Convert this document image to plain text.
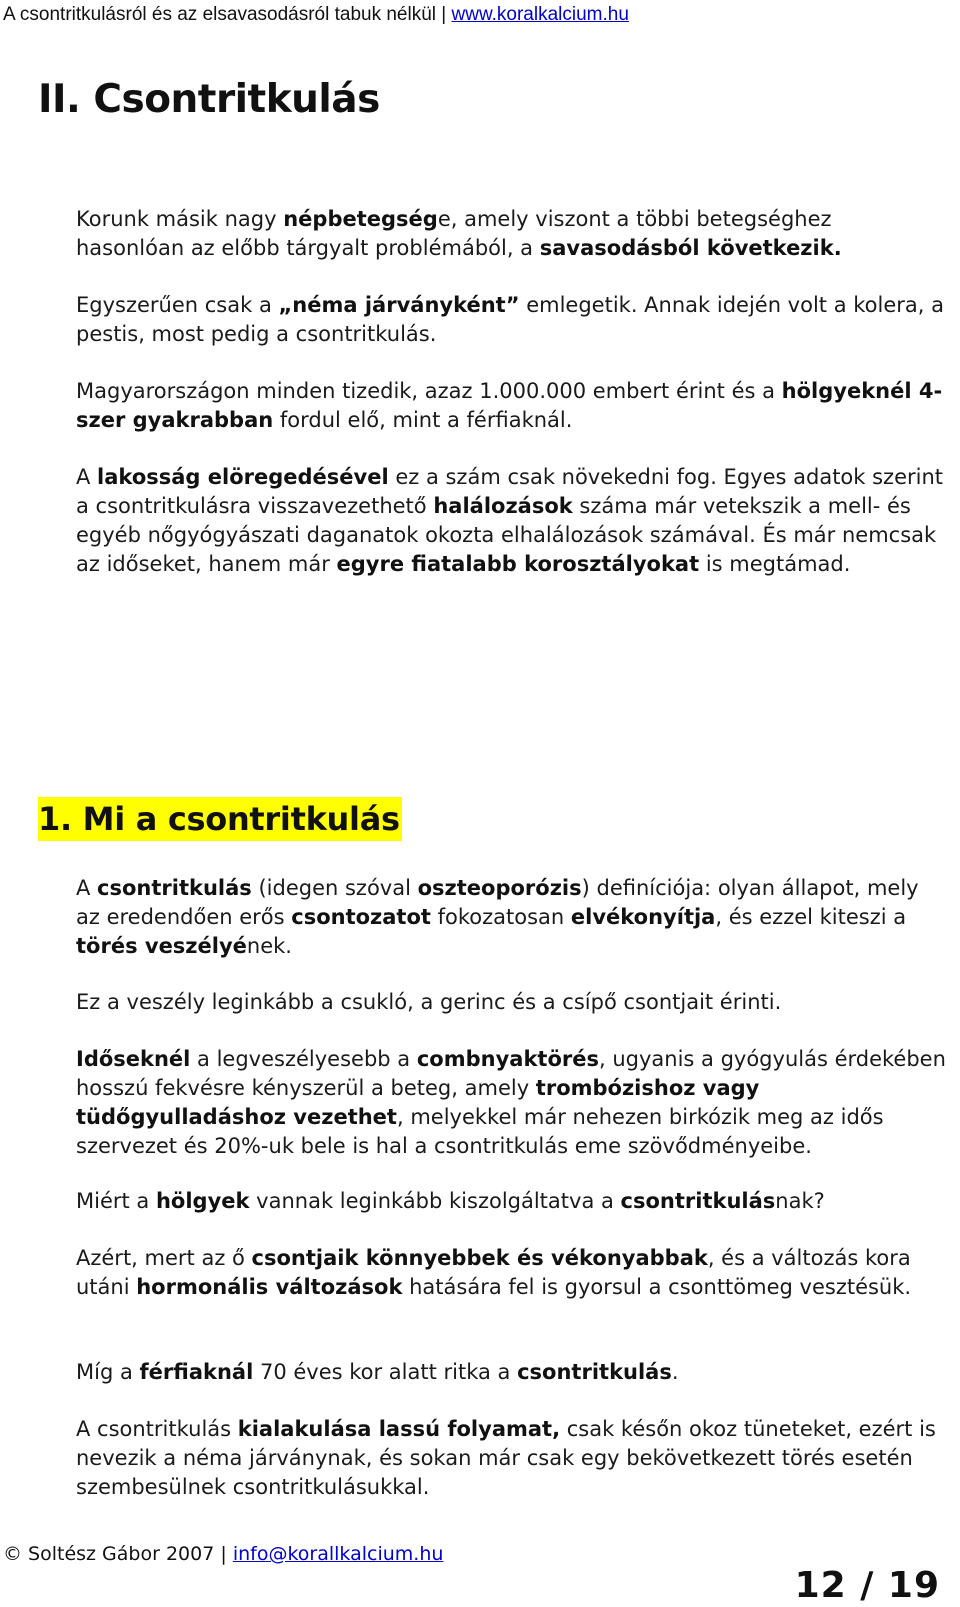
A csontritkulásról és az elsavasodásról tabuk nélkül | www.koralkalcium.hu
II. Csontritkulás

Korunk másik nagy népbetegsége, amely viszont a többi betegséghez hasonlóan az előbb tárgyalt problémából, a savasodásból következik.

Egyszerűen csak a „néma járványként” emlegetik. Annak idején volt a kolera, a pestis, most pedig a csontritkulás.

Magyarországon minden tizedik, azaz 1.000.000 embert érint és a hölgyeknél 4-szer gyakrabban fordul elő, mint a férfiaknál.

A lakosság elöregedésével ez a szám csak növekedni fog. Egyes adatok szerint a csontritkulásra visszavezethető halálozások száma már vetekszik a mell- és egyéb nőgyógyászati daganatok okozta elhalálozások számával. És már nemcsak az időseket, hanem már egyre fiatalabb korosztályokat is megtámad.

1. Mi a csontritkulás

A csontritkulás (idegen szóval oszteoporózis) definíciója: olyan állapot, mely az eredendően erős csontozatot fokozatosan elvékonyítja, és ezzel kiteszi a törés veszélyének.

Ez a veszély leginkább a csukló, a gerinc és a csípő csontjait érinti.

Időseknél a legveszélyesebb a combnyaktörés, ugyanis a gyógyulás érdekében hosszú fekvésre kényszerül a beteg, amely trombózishoz vagy tüdőgyulladáshoz vezethet, melyekkel már nehezen birkózik meg az idős szervezet és 20%-uk bele is hal a csontritkulás eme szövődményeibe.

Miért a hölgyek vannak leginkább kiszolgáltatva a csontritkulásnak?

Azért, mert az ő csontjaik könnyebbek és vékonyabbak, és a változás kora utáni hormonális változások hatására fel is gyorsul a csonttömeg vesztésük.

Míg a férfiaknál 70 éves kor alatt ritka a csontritkulás.

A csontritkulás kialakulása lassú folyamat, csak későn okoz tüneteket, ezért is nevezik a néma járványnak, és sokan már csak egy bekövetkezett törés esetén szembesülnek csontritkulásukkal.

© Soltész Gábor 2007 | info@korallkalcium.hu
12 / 19
